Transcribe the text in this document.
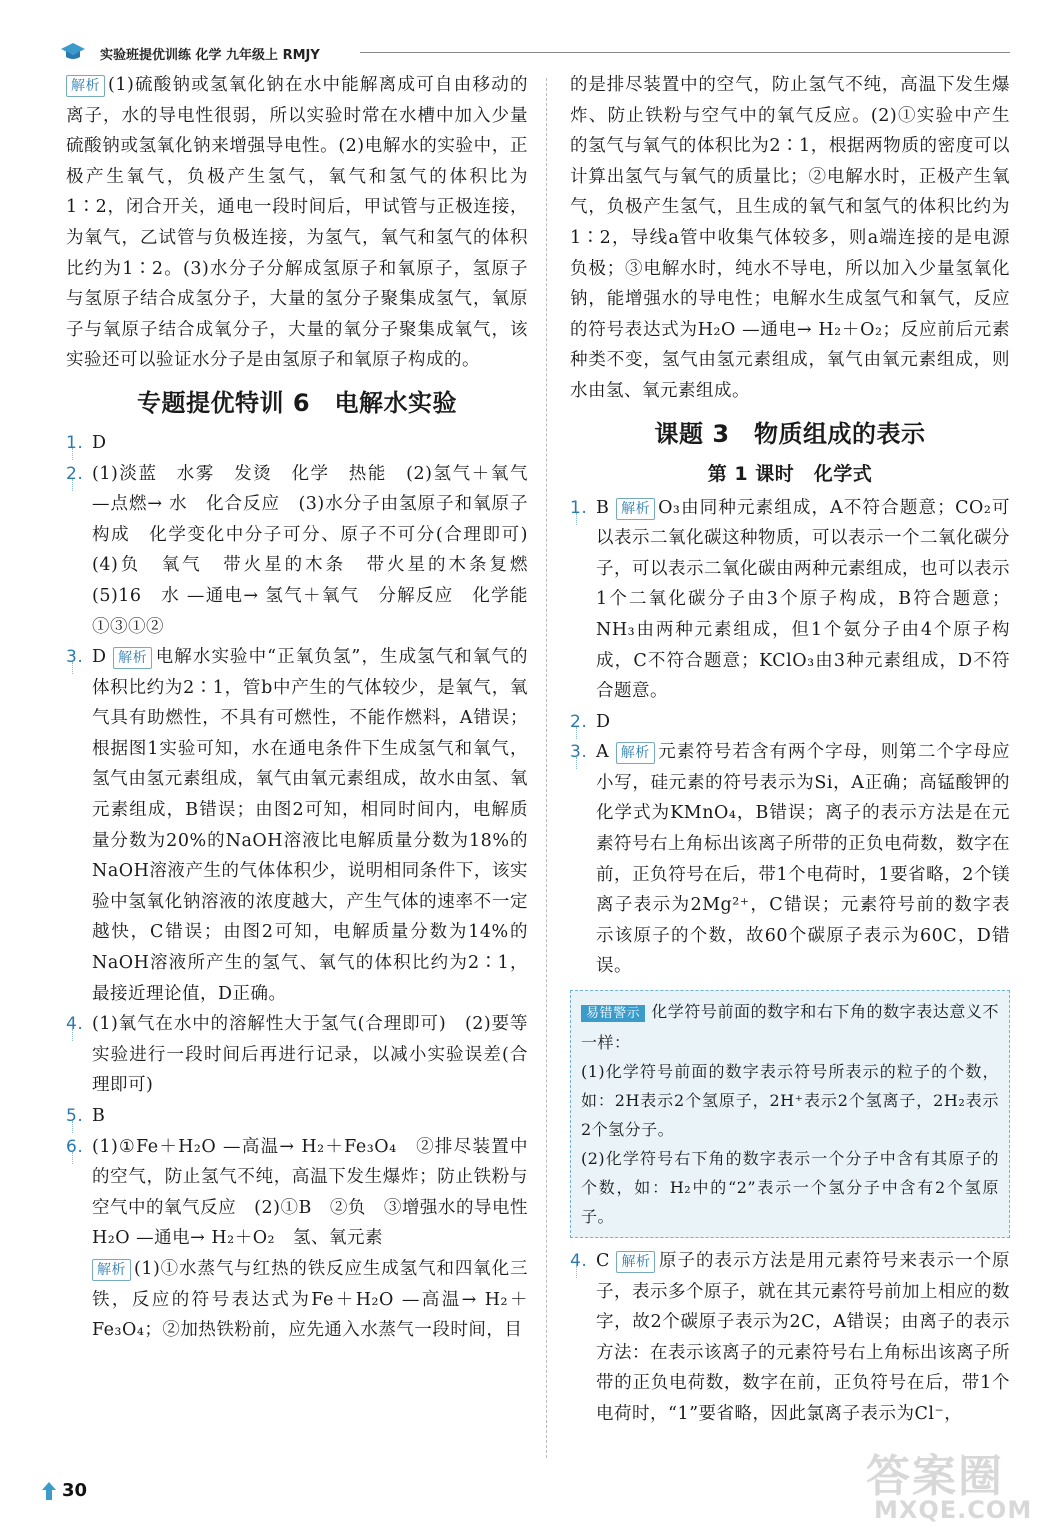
实验班提优训练 化学 九年级上 RMJY

解析 (1)硫酸钠或氢氧化钠在水中能解离成可自由移动的离子，水的导电性很弱，所以实验时常在水槽中加入少量硫酸钠或氢氧化钠来增强导电性。(2)电解水的实验中，正极产生氧气，负极产生氢气，氧气和氢气的体积比为1∶2，闭合开关，通电一段时间后，甲试管与正极连接，为氧气，乙试管与负极连接，为氢气，氧气和氢气的体积比约为1∶2。(3)水分子分解成氢原子和氧原子，氢原子与氢原子结合成氢分子，大量的氢分子聚集成氢气，氧原子与氧原子结合成氧分子，大量的氧分子聚集成氧气，该实验还可以验证水分子是由氢原子和氧原子构成的。

专题提优特训 6　电解水实验
1. D
2. (1)淡蓝　水雾　发烫　化学　热能　(2)氢气＋氧气 —点燃→ 水　化合反应　(3)水分子由氢原子和氧原子构成　化学变化中分子可分、原子不可分(合理即可)　(4)负　氧气　带火星的木条　带火星的木条复燃　(5)16　水 —通电→ 氢气＋氧气　分解反应　化学能　①③①②

3. D 解析 电解水实验中“正氧负氢”，生成氢气和氧气的体积比约为2∶1，管b中产生的气体较少，是氧气，氧气具有助燃性，不具有可燃性，不能作燃料，A错误；根据图1实验可知，水在通电条件下生成氢气和氧气，氢气由氢元素组成，氧气由氧元素组成，故水由氢、氧元素组成，B错误；由图2可知，相同时间内，电解质量分数为20%的NaOH溶液比电解质量分数为18%的NaOH溶液产生的气体体积少，说明相同条件下，该实验中氢氧化钠溶液的浓度越大，产生气体的速率不一定越快，C错误；由图2可知，电解质量分数为14%的NaOH溶液所产生的氢气、氧气的体积比约为2∶1，最接近理论值，D正确。

4. (1)氧气在水中的溶解性大于氢气(合理即可)　(2)要等实验进行一段时间后再进行记录，以减小实验误差(合理即可)

5. B
6. (1)①Fe＋H₂O —高温→ H₂＋Fe₃O₄　②排尽装置中的空气，防止氢气不纯，高温下发生爆炸；防止铁粉与空气中的氧气反应　(2)①B　②负　③增强水的导电性　H₂O —通电→ H₂＋O₂　氢、氧元素

解析 (1)①水蒸气与红热的铁反应生成氢气和四氧化三铁，反应的符号表达式为Fe＋H₂O —高温→ H₂＋Fe₃O₄；②加热铁粉前，应先通入水蒸气一段时间，目

的是排尽装置中的空气，防止氢气不纯，高温下发生爆炸、防止铁粉与空气中的氧气反应。(2)①实验中产生的氢气与氧气的体积比为2∶1，根据两物质的密度可以计算出氢气与氧气的质量比；②电解水时，正极产生氧气，负极产生氢气，且生成的氧气和氢气的体积比约为1∶2，导线a管中收集气体较多，则a端连接的是电源负极；③电解水时，纯水不导电，所以加入少量氢氧化钠，能增强水的导电性；电解水生成氢气和氧气，反应的符号表达式为H₂O —通电→ H₂＋O₂；反应前后元素种类不变，氢气由氢元素组成，氧气由氧元素组成，则水由氢、氧元素组成。

课题 3　物质组成的表示
第 1 课时　化学式
1. B 解析 O₃由同种元素组成，A不符合题意；CO₂可以表示二氧化碳这种物质，可以表示一个二氧化碳分子，可以表示二氧化碳由两种元素组成，也可以表示1个二氧化碳分子由3个原子构成，B符合题意；NH₃由两种元素组成，但1个氨分子由4个原子构成，C不符合题意；KClO₃由3种元素组成，D不符合题意。

2. D
3. A 解析 元素符号若含有两个字母，则第二个字母应小写，硅元素的符号表示为Si，A正确；高锰酸钾的化学式为KMnO₄，B错误；离子的表示方法是在元素符号右上角标出该离子所带的正负电荷数，数字在前，正负符号在后，带1个电荷时，1要省略，2个镁离子表示为2Mg²⁺，C错误；元素符号前的数字表示该原子的个数，故60个碳原子表示为60C，D错误。

易错警示 化学符号前面的数字和右下角的数字表达意义不一样：

(1)化学符号前面的数字表示符号所表示的粒子的个数，如：2H表示2个氢原子，2H⁺表示2个氢离子，2H₂表示2个氢分子。

(2)化学符号右下角的数字表示一个分子中含有其原子的个数，如：H₂中的“2”表示一个氢分子中含有2个氢原子。

4. C 解析 原子的表示方法是用元素符号来表示一个原子，表示多个原子，就在其元素符号前加上相应的数字，故2个碳原子表示为2C，A错误；由离子的表示方法：在表示该离子的元素符号右上角标出该离子所带的正负电荷数，数字在前，正负符号在后，带1个电荷时，“1”要省略，因此氯离子表示为Cl⁻，

30	答案圈
MXQE.COM
